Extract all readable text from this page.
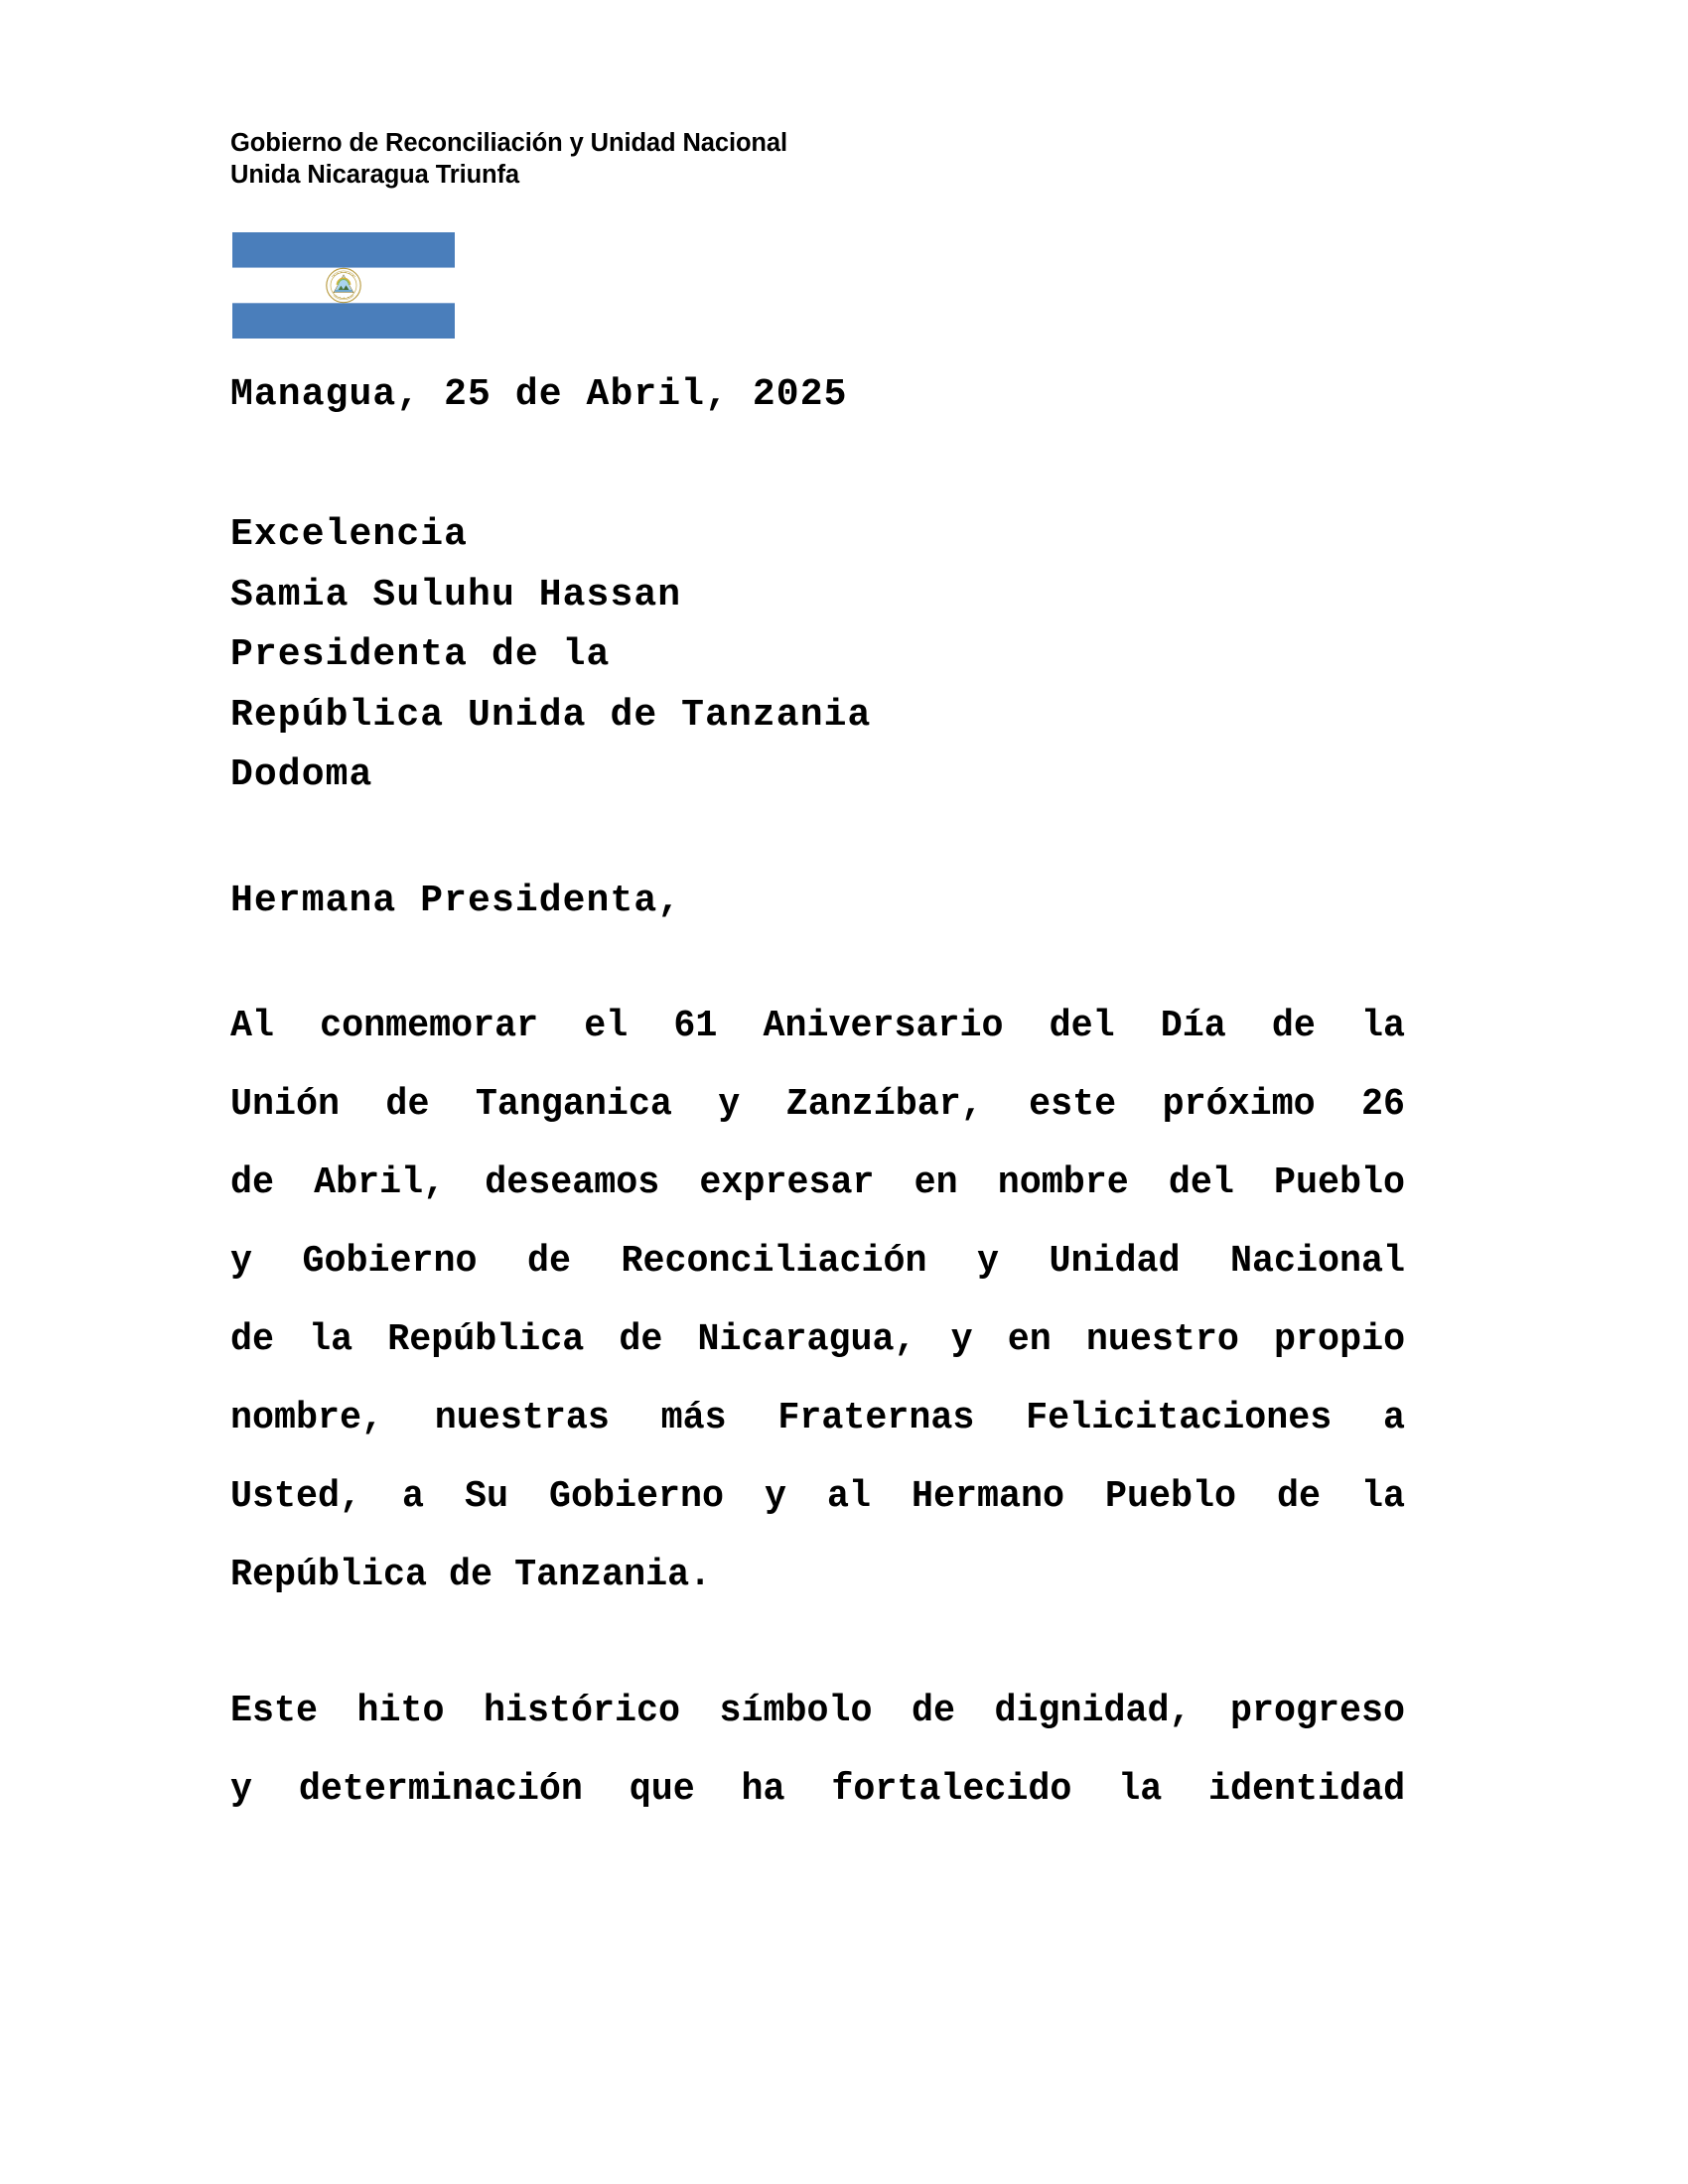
Gobierno de Reconciliación y Unidad Nacional
Unida Nicaragua Triunfa
Managua, 25 de Abril, 2025
Excelencia
Samia Suluhu Hassan
Presidenta de la
República Unida de Tanzania
Dodoma
Hermana Presidenta,
Al conmemorar el 61 Aniversario del Día de la
Unión de Tanganica y Zanzíbar, este próximo 26
de Abril, deseamos expresar en nombre del Pueblo
y Gobierno de Reconciliación y Unidad Nacional
de la República de Nicaragua, y en nuestro propio
nombre, nuestras más Fraternas Felicitaciones a
Usted, a Su Gobierno y al Hermano Pueblo de la
República de Tanzania.
Este hito histórico símbolo de dignidad, progreso
y determinación que ha fortalecido la identidad
